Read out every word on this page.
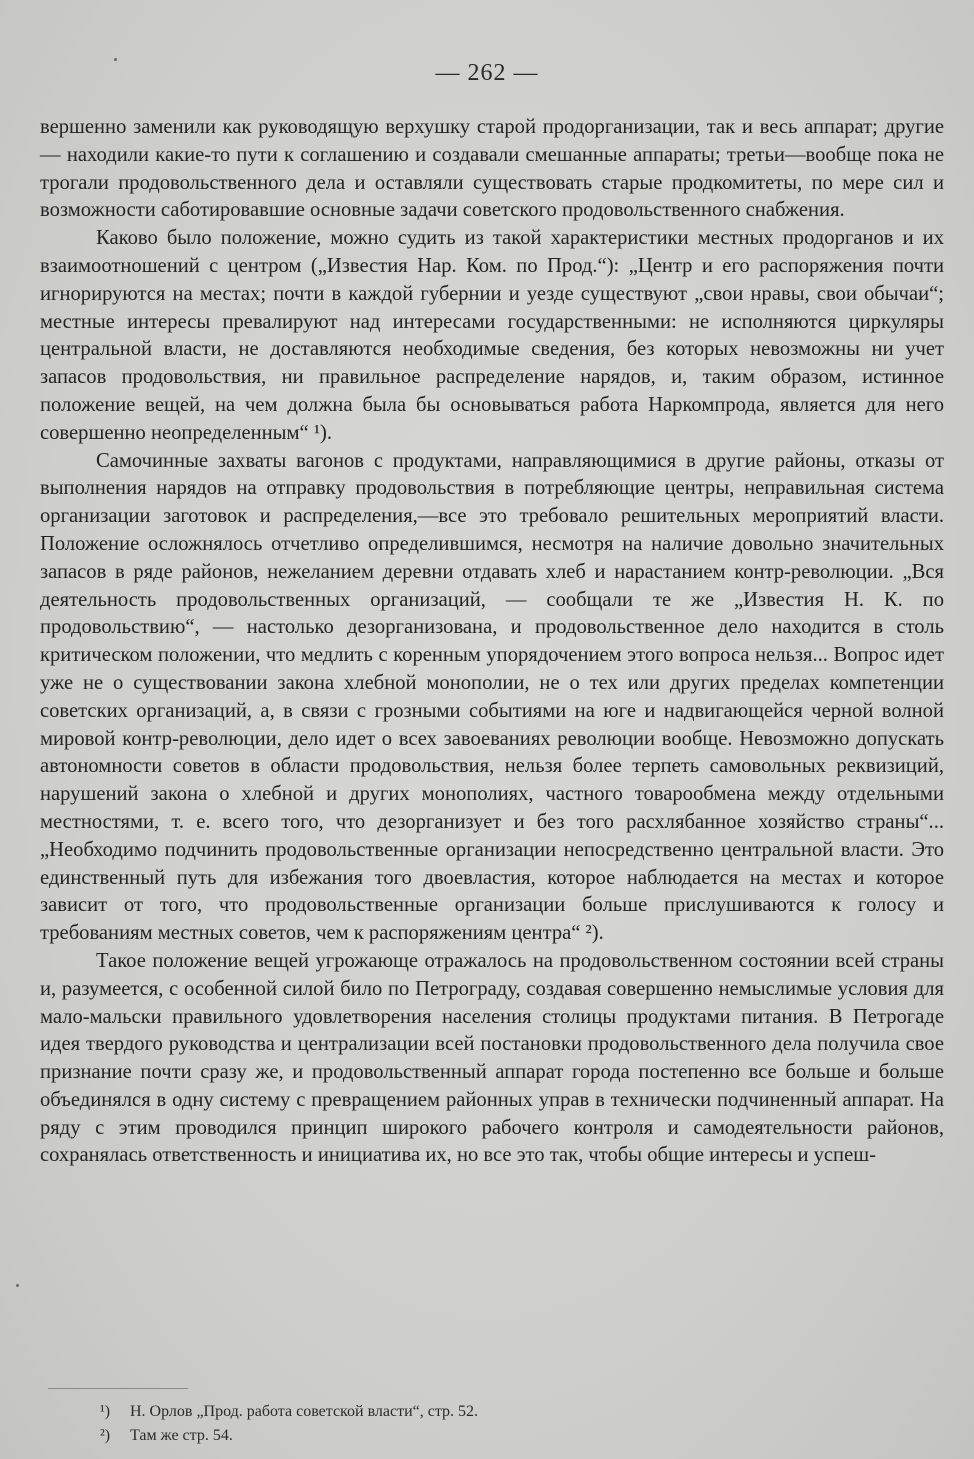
— 262 —

вершенно заменили как руководящую верхушку старой продорганизации, так и весь аппарат; другие — находили какие-то пути к соглашению и создавали смешанные аппараты; третьи—вообще пока не трогали продовольственного дела и оставляли существовать старые продкомитеты, по мере сил и возможности саботировавшие основные задачи советского продовольственного снабжения.

Каково было положение, можно судить из такой характеристики местных продорганов и их взаимоотношений с центром („Известия Нар. Ком. по Прод.“): „Центр и его распоряжения почти игнорируются на местах; почти в каждой губернии и уезде существуют „свои нравы, свои обычаи“; местные интересы превалируют над интересами государственными: не исполняются циркуляры центральной власти, не доставляются необходимые сведения, без которых невозможны ни учет запасов продовольствия, ни правильное распределение нарядов, и, таким образом, истинное положение вещей, на чем должна была бы основываться работа Наркомпрода, является для него совершенно неопределенным“ ¹).

Самочинные захваты вагонов с продуктами, направляющимися в другие районы, отказы от выполнения нарядов на отправку продовольствия в потребляющие центры, неправильная система организации заготовок и распределения,—все это требовало решительных мероприятий власти. Положение осложнялось отчетливо определившимся, несмотря на наличие довольно значительных запасов в ряде районов, нежеланием деревни отдавать хлеб и нарастанием контр-революции. „Вся деятельность продовольственных организаций, — сообщали те же „Известия Н. К. по продовольствию“, — настолько дезорганизована, и продовольственное дело находится в столь критическом положении, что медлить с коренным упорядочением этого вопроса нельзя... Вопрос идет уже не о существовании закона хлебной монополии, не о тех или других пределах компетенции советских организаций, а, в связи с грозными событиями на юге и надвигающейся черной волной мировой контр-революции, дело идет о всех завоеваниях революции вообще. Невозможно допускать автономности советов в области продовольствия, нельзя более терпеть самовольных реквизиций, нарушений закона о хлебной и других монополиях, частного товарообмена между отдельными местностями, т. е. всего того, что дезорганизует и без того расхлябанное хозяйство страны“... „Необходимо подчинить продовольственные организации непосредственно центральной власти. Это единственный путь для избежания того двоевластия, которое наблюдается на местах и которое зависит от того, что продовольственные организации больше прислушиваются к голосу и требованиям местных советов, чем к распоряжениям центра“ ²).

Такое положение вещей угрожающе отражалось на продовольственном состоянии всей страны и, разумеется, с особенной силой било по Петрограду, создавая совершенно немыслимые условия для мало-мальски правильного удовлетворения населения столицы продуктами питания. В Петрогаде идея твердого руководства и централизации всей постановки продовольственного дела получила свое признание почти сразу же, и продовольственный аппарат города постепенно все больше и больше объединялся в одну систему с превращением районных управ в технически подчиненный аппарат. На ряду с этим проводился принцип широкого рабочего контроля и самодеятельности районов, сохранялась ответственность и инициатива их, но все это так, чтобы общие интересы и успеш-

¹) Н. Орлов „Прод. работа советской власти“, стр. 52.
²) Там же стр. 54.
